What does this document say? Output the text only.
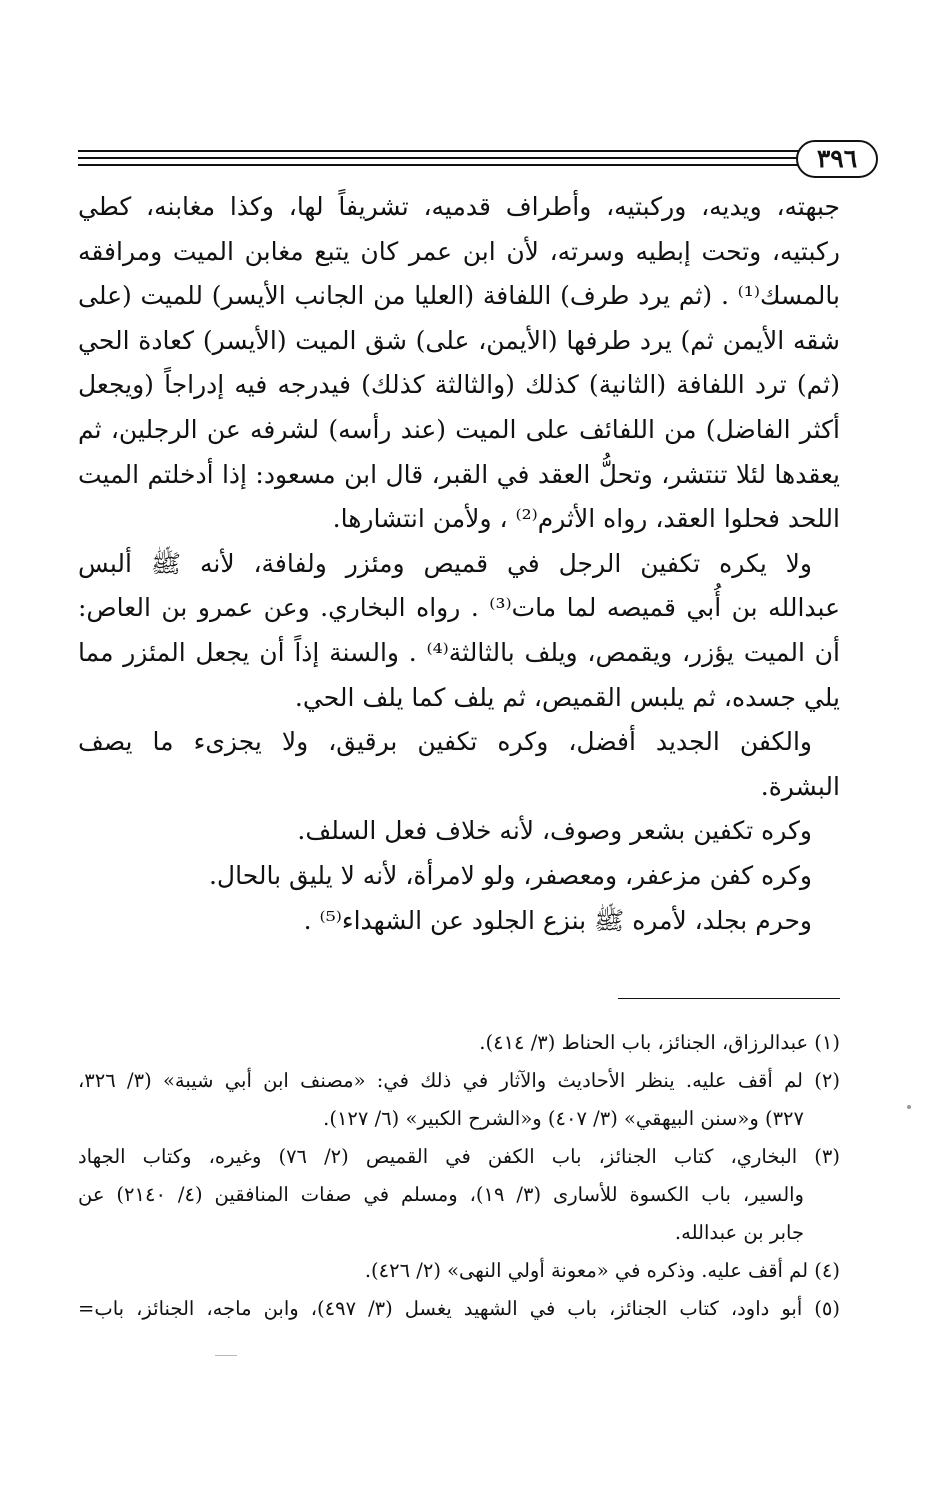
٣٩٦
جبهته، ويديه، وركبتيه، وأطراف قدميه، تشريفاً لها، وكذا مغابنه، كطي
ركبتيه، وتحت إبطيه وسرته، لأن ابن عمر كان يتبع مغابن الميت ومرافقه
بالمسك⁽¹⁾ . (ثم يرد طرف) اللفافة (العليا من الجانب الأيسر) للميت (على
شقه الأيمن ثم) يرد طرفها (الأيمن، على) شق الميت (الأيسر) كعادة الحي
(ثم) ترد اللفافة (الثانية) كذلك (والثالثة كذلك) فيدرجه فيه إدراجاً (ويجعل
أكثر الفاضل) من اللفائف على الميت (عند رأسه) لشرفه عن الرجلين، ثم
يعقدها لئلا تنتشر، وتحلُّ العقد في القبر، قال ابن مسعود: إذا أدخلتم الميت
اللحد فحلوا العقد، رواه الأثرم⁽²⁾ ، ولأمن انتشارها.
ولا يكره تكفين الرجل في قميص ومئزر ولفافة، لأنه ﷺ ألبس
عبدالله بن أُبي قميصه لما مات⁽³⁾ . رواه البخاري. وعن عمرو بن العاص:
أن الميت يؤزر، ويقمص، ويلف بالثالثة⁽⁴⁾ . والسنة إذاً أن يجعل المئزر مما
يلي جسده، ثم يلبس القميص، ثم يلف كما يلف الحي.
والكفن الجديد أفضل، وكره تكفين برقيق، ولا يجزىء ما يصف
البشرة.
وكره تكفين بشعر وصوف، لأنه خلاف فعل السلف.
وكره كفن مزعفر، ومعصفر، ولو لامرأة، لأنه لا يليق بالحال.
وحرم بجلد، لأمره ﷺ بنزع الجلود عن الشهداء⁽⁵⁾ .
(١) عبدالرزاق، الجنائز، باب الحناط (٣/ ٤١٤).
(٢) لم أقف عليه. ينظر الأحاديث والآثار في ذلك في: «مصنف ابن أبي شيبة» (٣/ ٣٢٦،
٣٢٧) و«سنن البيهقي» (٣/ ٤٠٧) و«الشرح الكبير» (٦/ ١٢٧).
(٣) البخاري، كتاب الجنائز، باب الكفن في القميص (٢/ ٧٦) وغيره، وكتاب الجهاد
والسير، باب الكسوة للأسارى (٣/ ١٩)، ومسلم في صفات المنافقين (٤/ ٢١٤٠) عن
جابر بن عبدالله.
(٤) لم أقف عليه. وذكره في «معونة أولي النهى» (٢/ ٤٢٦).
(٥) أبو داود، كتاب الجنائز، باب في الشهيد يغسل (٣/ ٤٩٧)، وابن ماجه، الجنائز، باب=
